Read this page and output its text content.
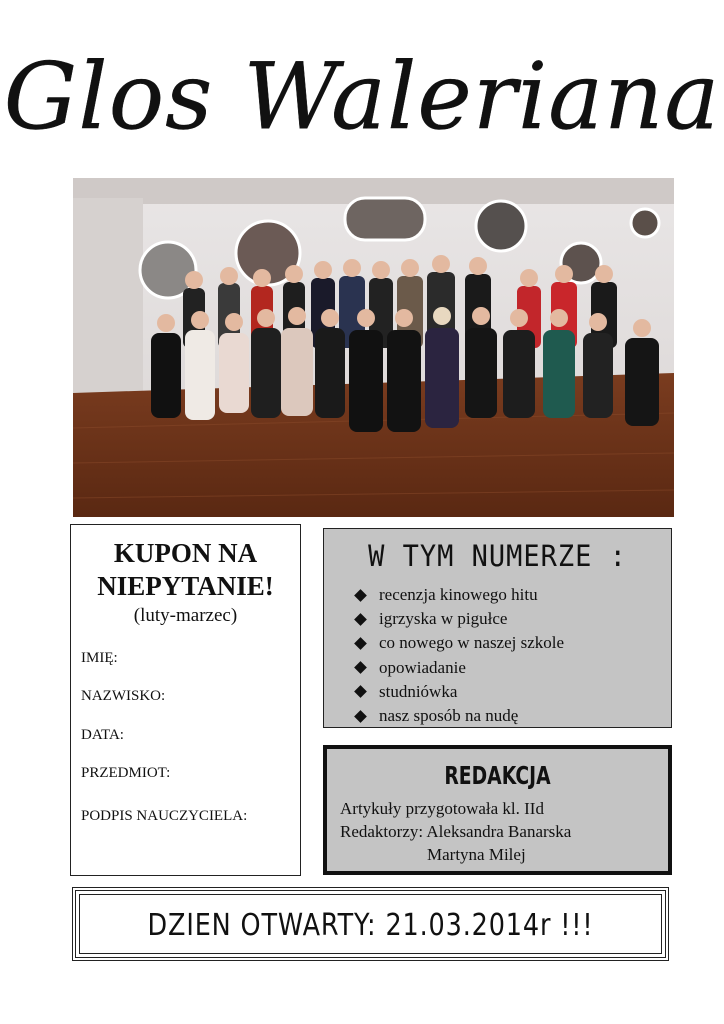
Glos Waleriana
KUPON NA
NIEPYTANIE!
(luty-marzec)
IMIĘ:
NAZWISKO:
DATA:
PRZEDMIOT:
PODPIS NAUCZYCIELA:
W TYM NUMERZE :
recenzja kinowego hitu
igrzyska w pigułce
co nowego w naszej szkole
opowiadanie
studniówka
nasz sposób na nudę
REDAKCJA
Artykuły przygotowała kl. IId
Redaktorzy: Aleksandra Banarska
Martyna Milej
DZIEN OTWARTY: 21.03.2014r !!!
